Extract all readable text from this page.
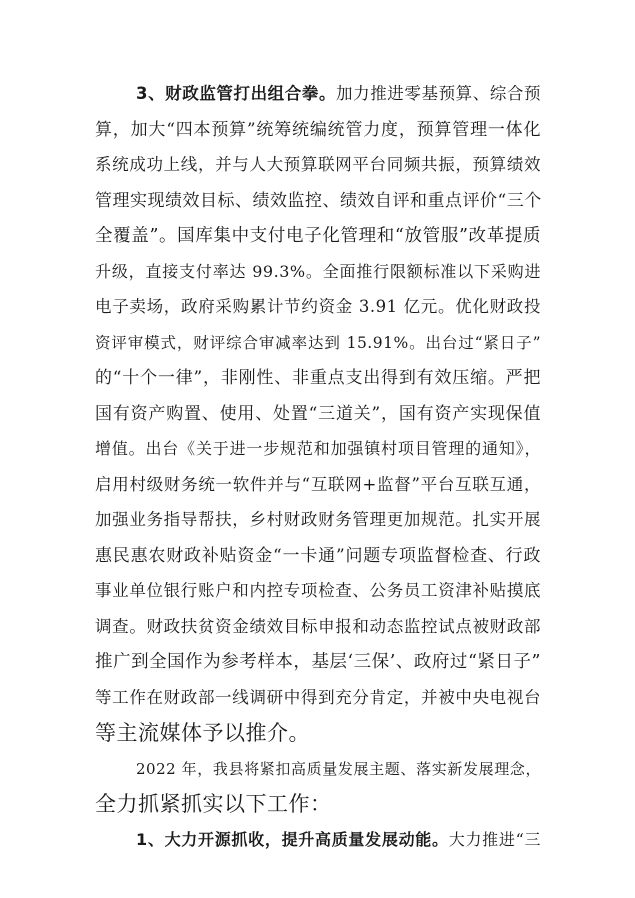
3、财政监管打出组合拳。加力推进零基预算、综合预
算，加大“四本预算”统筹统编统管力度，预算管理一体化
系统成功上线，并与人大预算联网平台同频共振，预算绩效
管理实现绩效目标、绩效监控、绩效自评和重点评价“三个
全覆盖”。国库集中支付电子化管理和“放管服”改革提质
升级，直接支付率达 99.3%。全面推行限额标准以下采购进
电子卖场，政府采购累计节约资金 3.91 亿元。优化财政投
资评审模式，财评综合审减率达到 15.91%。出台过“紧日子”
的“十个一律”，非刚性、非重点支出得到有效压缩。严把
国有资产购置、使用、处置“三道关”，国有资产实现保值
增值。出台《关于进一步规范和加强镇村项目管理的通知》，
启用村级财务统一软件并与“互联网+监督”平台互联互通，
加强业务指导帮扶，乡村财政财务管理更加规范。扎实开展
惠民惠农财政补贴资金“一卡通”问题专项监督检查、行政
事业单位银行账户和内控专项检查、公务员工资津补贴摸底
调查。财政扶贫资金绩效目标申报和动态监控试点被财政部
推广到全国作为参考样本，基层‘三保’、政府过“紧日子”
等工作在财政部一线调研中得到充分肯定，并被中央电视台
等主流媒体予以推介。
2022 年，我县将紧扣高质量发展主题、落实新发展理念，
全力抓紧抓实以下工作：
1、大力开源抓收，提升高质量发展动能。大力推进“三
